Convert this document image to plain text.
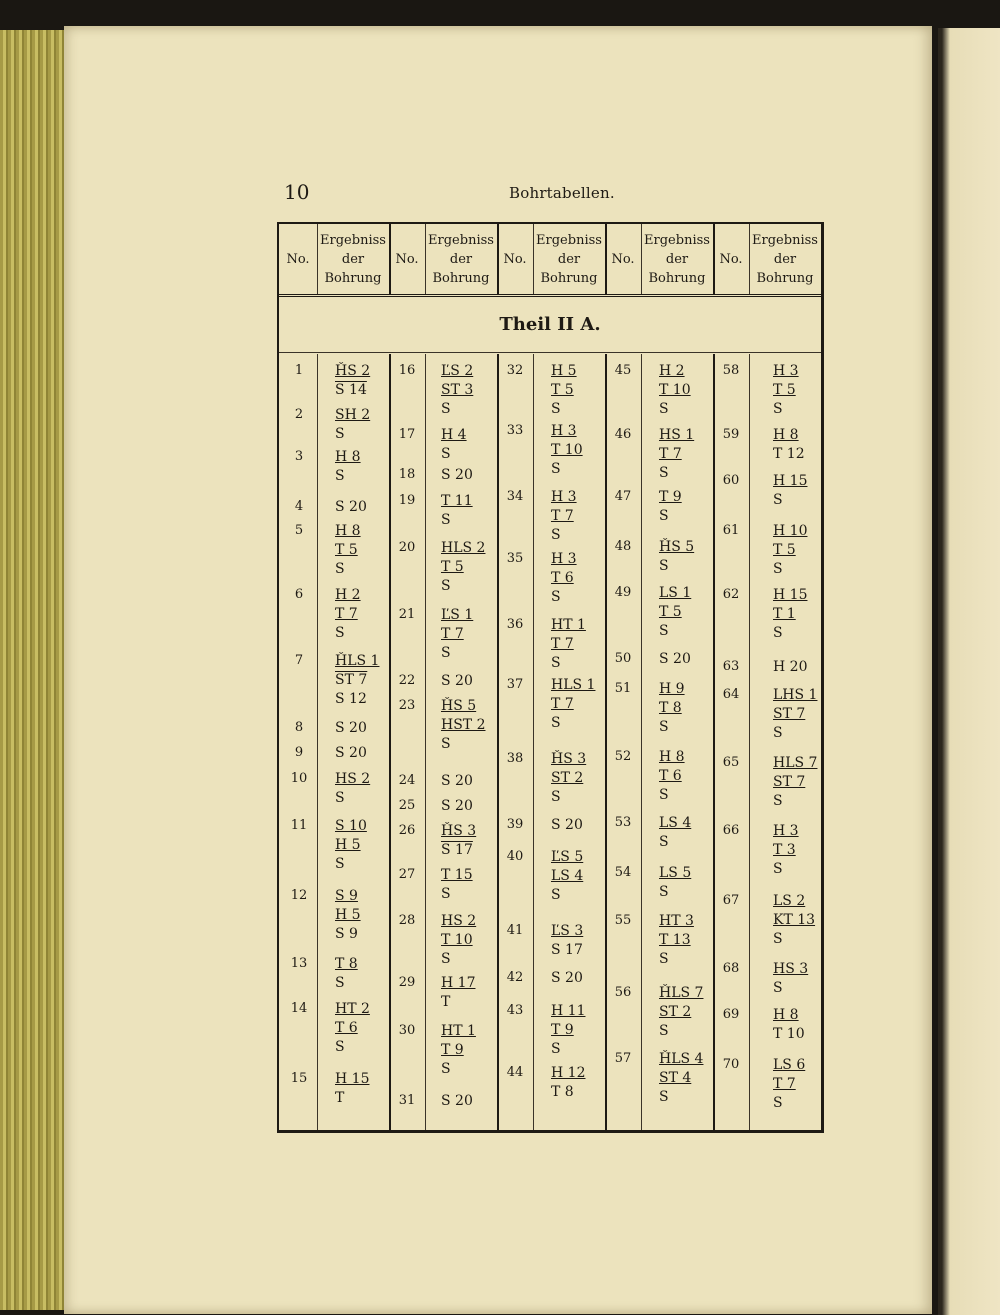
10	Bohrtabellen.
No.
Ergebniss
der
Bohrung
No.
Ergebniss
der
Bohrung
No.
Ergebniss
der
Bohrung
No.
Ergebniss
der
Bohrung
No.
Ergebniss
der
Bohrung
Theil II A.
1	ȞS 2
S 14
2	SH 2
S
3	H 8
S
4	S 20
5	H 8
T 5
S
6	H 2
T 7
S
7	ȞLS 1
ST 7
S 12
8	S 20
9	S 20
10	HS 2
S
11	S 10
H 5
S
12	S 9
H 5
S 9
13	T 8
S
14	HT 2
T 6
S
15	H 15
T
16	ĽS 2
ST 3
S
17	H 4
S
18	S 20
19	T 11
S
20	HLS 2
T 5
S
21	ĽS 1
T 7
S
22	S 20
23	ȞS 5
HST 2
S
24	S 20
25	S 20
26	ȞS 3
S 17
27	T 15
S
28	HS 2
T 10
S
29	H 17
T
30	HT 1
T 9
S
31	S 20
32	H 5
T 5
S
33	H 3
T 10
S
34	H 3
T 7
S
35	H 3
T 6
S
36	HT 1
T 7
S
37	HLS 1
T 7
S
38	ȞS 3
ST 2
S
39	S 20
40	ĽS 5
LS 4
S
41	ĽS 3
S 17
42	S 20
43	H 11
T 9
S
44	H 12
T 8
45	H 2
T 10
S
46	HS 1
T 7
S
47	T 9
S
48	ȞS 5
S
49	LS 1
T 5
S
50	S 20
51	H 9
T 8
S
52	H 8
T 6
S
53	LS 4
S
54	LS 5
S
55	HT 3
T 13
S
56	ȞLS 7
ST 2
S
57	ȞLS 4
ST 4
S
58	H 3
T 5
S
59	H 8
T 12
60	H 15
S
61	H 10
T 5
S
62	H 15
T 1
S
63	H 20
64	LHS 1
ST 7
S
65	HLS 7
ST 7
S
66	H 3
T 3
S
67	LS 2
KT 13
S
68	HS 3
S
69	H 8
T 10
70	LS 6
T 7
S
